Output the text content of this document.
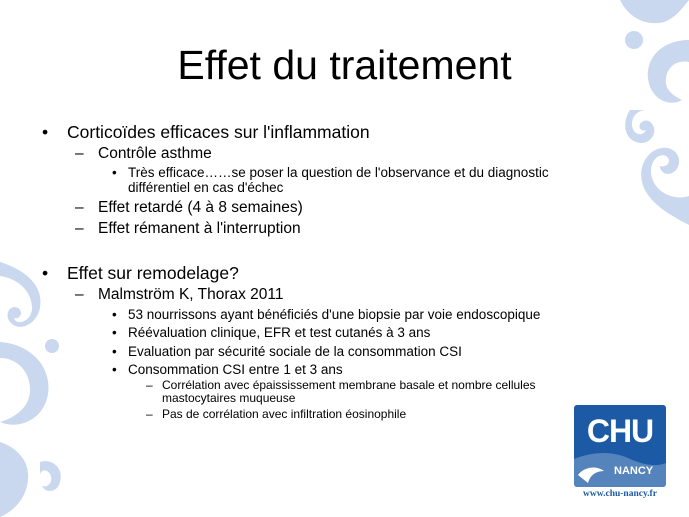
Effet du traitement
• Corticoïdes efficaces sur l'inflammation
– Contrôle asthme
• Très efficace……se poser la question de l'observance et du diagnostic
différentiel en cas d'échec
– Effet retardé (4 à 8 semaines)
– Effet rémanent à l'interruption
• Effet sur remodelage?
– Malmström K, Thorax 2011
• 53 nourrissons ayant bénéficiés d'une biopsie par voie endoscopique
• Réévaluation clinique, EFR et test cutanés à 3 ans
• Evaluation par sécurité sociale de la consommation CSI
• Consommation CSI entre 1 et 3 ans
– Corrélation avec épaississement membrane basale et nombre cellules
mastocytaires muqueuse
– Pas de corrélation avec infiltration éosinophile	CHU
NANCY
www.chu-nancy.fr
